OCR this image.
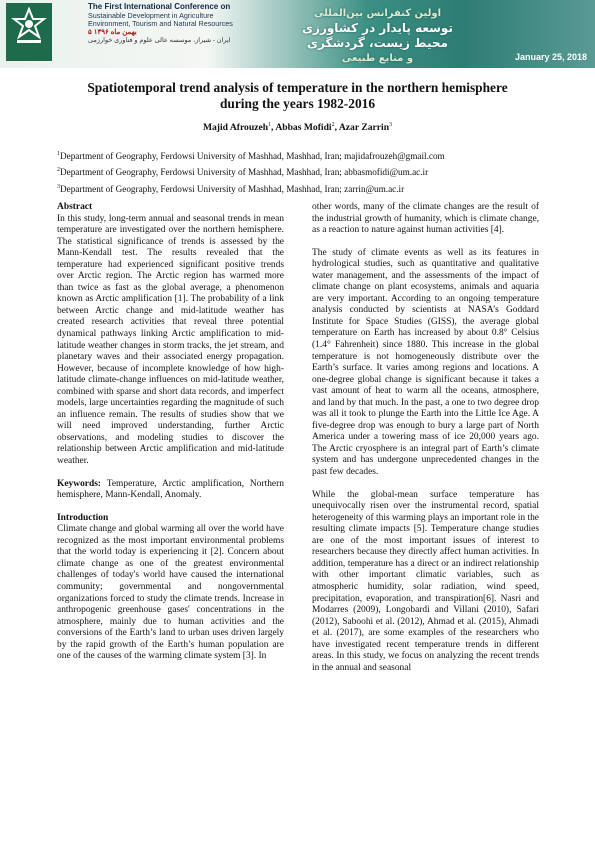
The First International Conference on
Sustainable Development in Agriculture
Environment, Tourism and Natural Resources
۵ بهمن ماه ۱۳۹۶
ایران - شیراز، موسسه عالی علوم و فناوری خوارزمی
اولین کنفرانس بین‌المللی
توسعه پایدار در کشاورزی
محیط زیست، گردشگری
و منابع طبیعی	January 25, 2018
Spatiotemporal trend analysis of temperature in the northern hemisphere
during the years 1982-2016
Majid Afrouzeh$^1$, Abbas Mofidi$^2$, Azar Zarrin$^3$
$^1$Department of Geography, Ferdowsi University of Mashhad, Mashhad, Iran; majidafrouzeh@gmail.com
$^2$Department of Geography, Ferdowsi University of Mashhad, Mashhad, Iran; abbasmofidi@um.ac.ir
$^3$Department of Geography, Ferdowsi University of Mashhad, Mashhad, Iran; zarrin@um.ac.ir

Abstract

In this study, long-term annual and seasonal trends in mean temperature are investigated over the northern hemisphere. The statistical significance of trends is assessed by the Mann-Kendall test. The results revealed that the temperature had experienced significant positive trends over Arctic region. The Arctic region has warmed more than twice as fast as the global average, a phenomenon known as Arctic amplification [1]. The probability of a link between Arctic change and mid-latitude weather has created research activities that reveal three potential dynamical pathways linking Arctic amplification to mid-latitude weather changes in storm tracks, the jet stream, and planetary waves and their associated energy propagation. However, because of incomplete knowledge of how high-latitude climate-change influences on mid-latitude weather, combined with sparse and short data records, and imperfect models, large uncertainties regarding the magnitude of such an influence remain. The results of studies show that we will need improved understanding, further Arctic observations, and modeling studies to discover the relationship between Arctic amplification and mid-latitude weather.

Keywords: Temperature, Arctic amplification, Northern hemisphere, Mann-Kendall, Anomaly.

Introduction

Climate change and global warming all over the world have recognized as the most important environmental problems that the world today is experiencing it [2]. Concern about climate change as one of the greatest environmental challenges of today's world have caused the international community; governmental and nongovernmental organizations forced to study the climate trends. Increase in anthropogenic greenhouse gases' concentrations in the atmosphere, mainly due to human activities and the conversions of the Earth’s land to urban uses driven largely by the rapid growth of the Earth’s human population are one of the causes of the warming climate system [3]. In

other words, many of the climate changes are the result of the industrial growth of humanity, which is climate change, as a reaction to nature against human activities [4].

The study of climate events as well as its features in hydrological studies, such as quantitative and qualitative water management, and the assessments of the impact of climate change on plant ecosystems, animals and aquaria are very important. According to an ongoing temperature analysis conducted by scientists at NASA’s Goddard Institute for Space Studies (GISS), the average global temperature on Earth has increased by about 0.8° Celsius (1.4° Fahrenheit) since 1880. This increase in the global temperature is not homogeneously distribute over the Earth’s surface. It varies among regions and locations. A one-degree global change is significant because it takes a vast amount of heat to warm all the oceans, atmosphere, and land by that much. In the past, a one to two degree drop was all it took to plunge the Earth into the Little Ice Age. A five-degree drop was enough to bury a large part of North America under a towering mass of ice 20,000 years ago. The Arctic cryosphere is an integral part of Earth’s climate system and has undergone unprecedented changes in the past few decades.

While the global-mean surface temperature has unequivocally risen over the instrumental record, spatial heterogeneity of this warming plays an important role in the resulting climate impacts [5]. Temperature change studies are one of the most important issues of interest to researchers because they directly affect human activities. In addition, temperature has a direct or an indirect relationship with other important climatic variables, such as atmospheric humidity, solar radiation, wind speed, precipitation, evaporation, and transpiration[6]. Nasri and Modarres (2009), Longobardi and Villani (2010), Safari (2012), Saboohi et al. (2012), Ahmad et al. (2015), Ahmadi et al. (2017), are some examples of the researchers who have investigated recent temperature trends in different areas. In this study, we focus on analyzing the recent trends in the annual and seasonal
